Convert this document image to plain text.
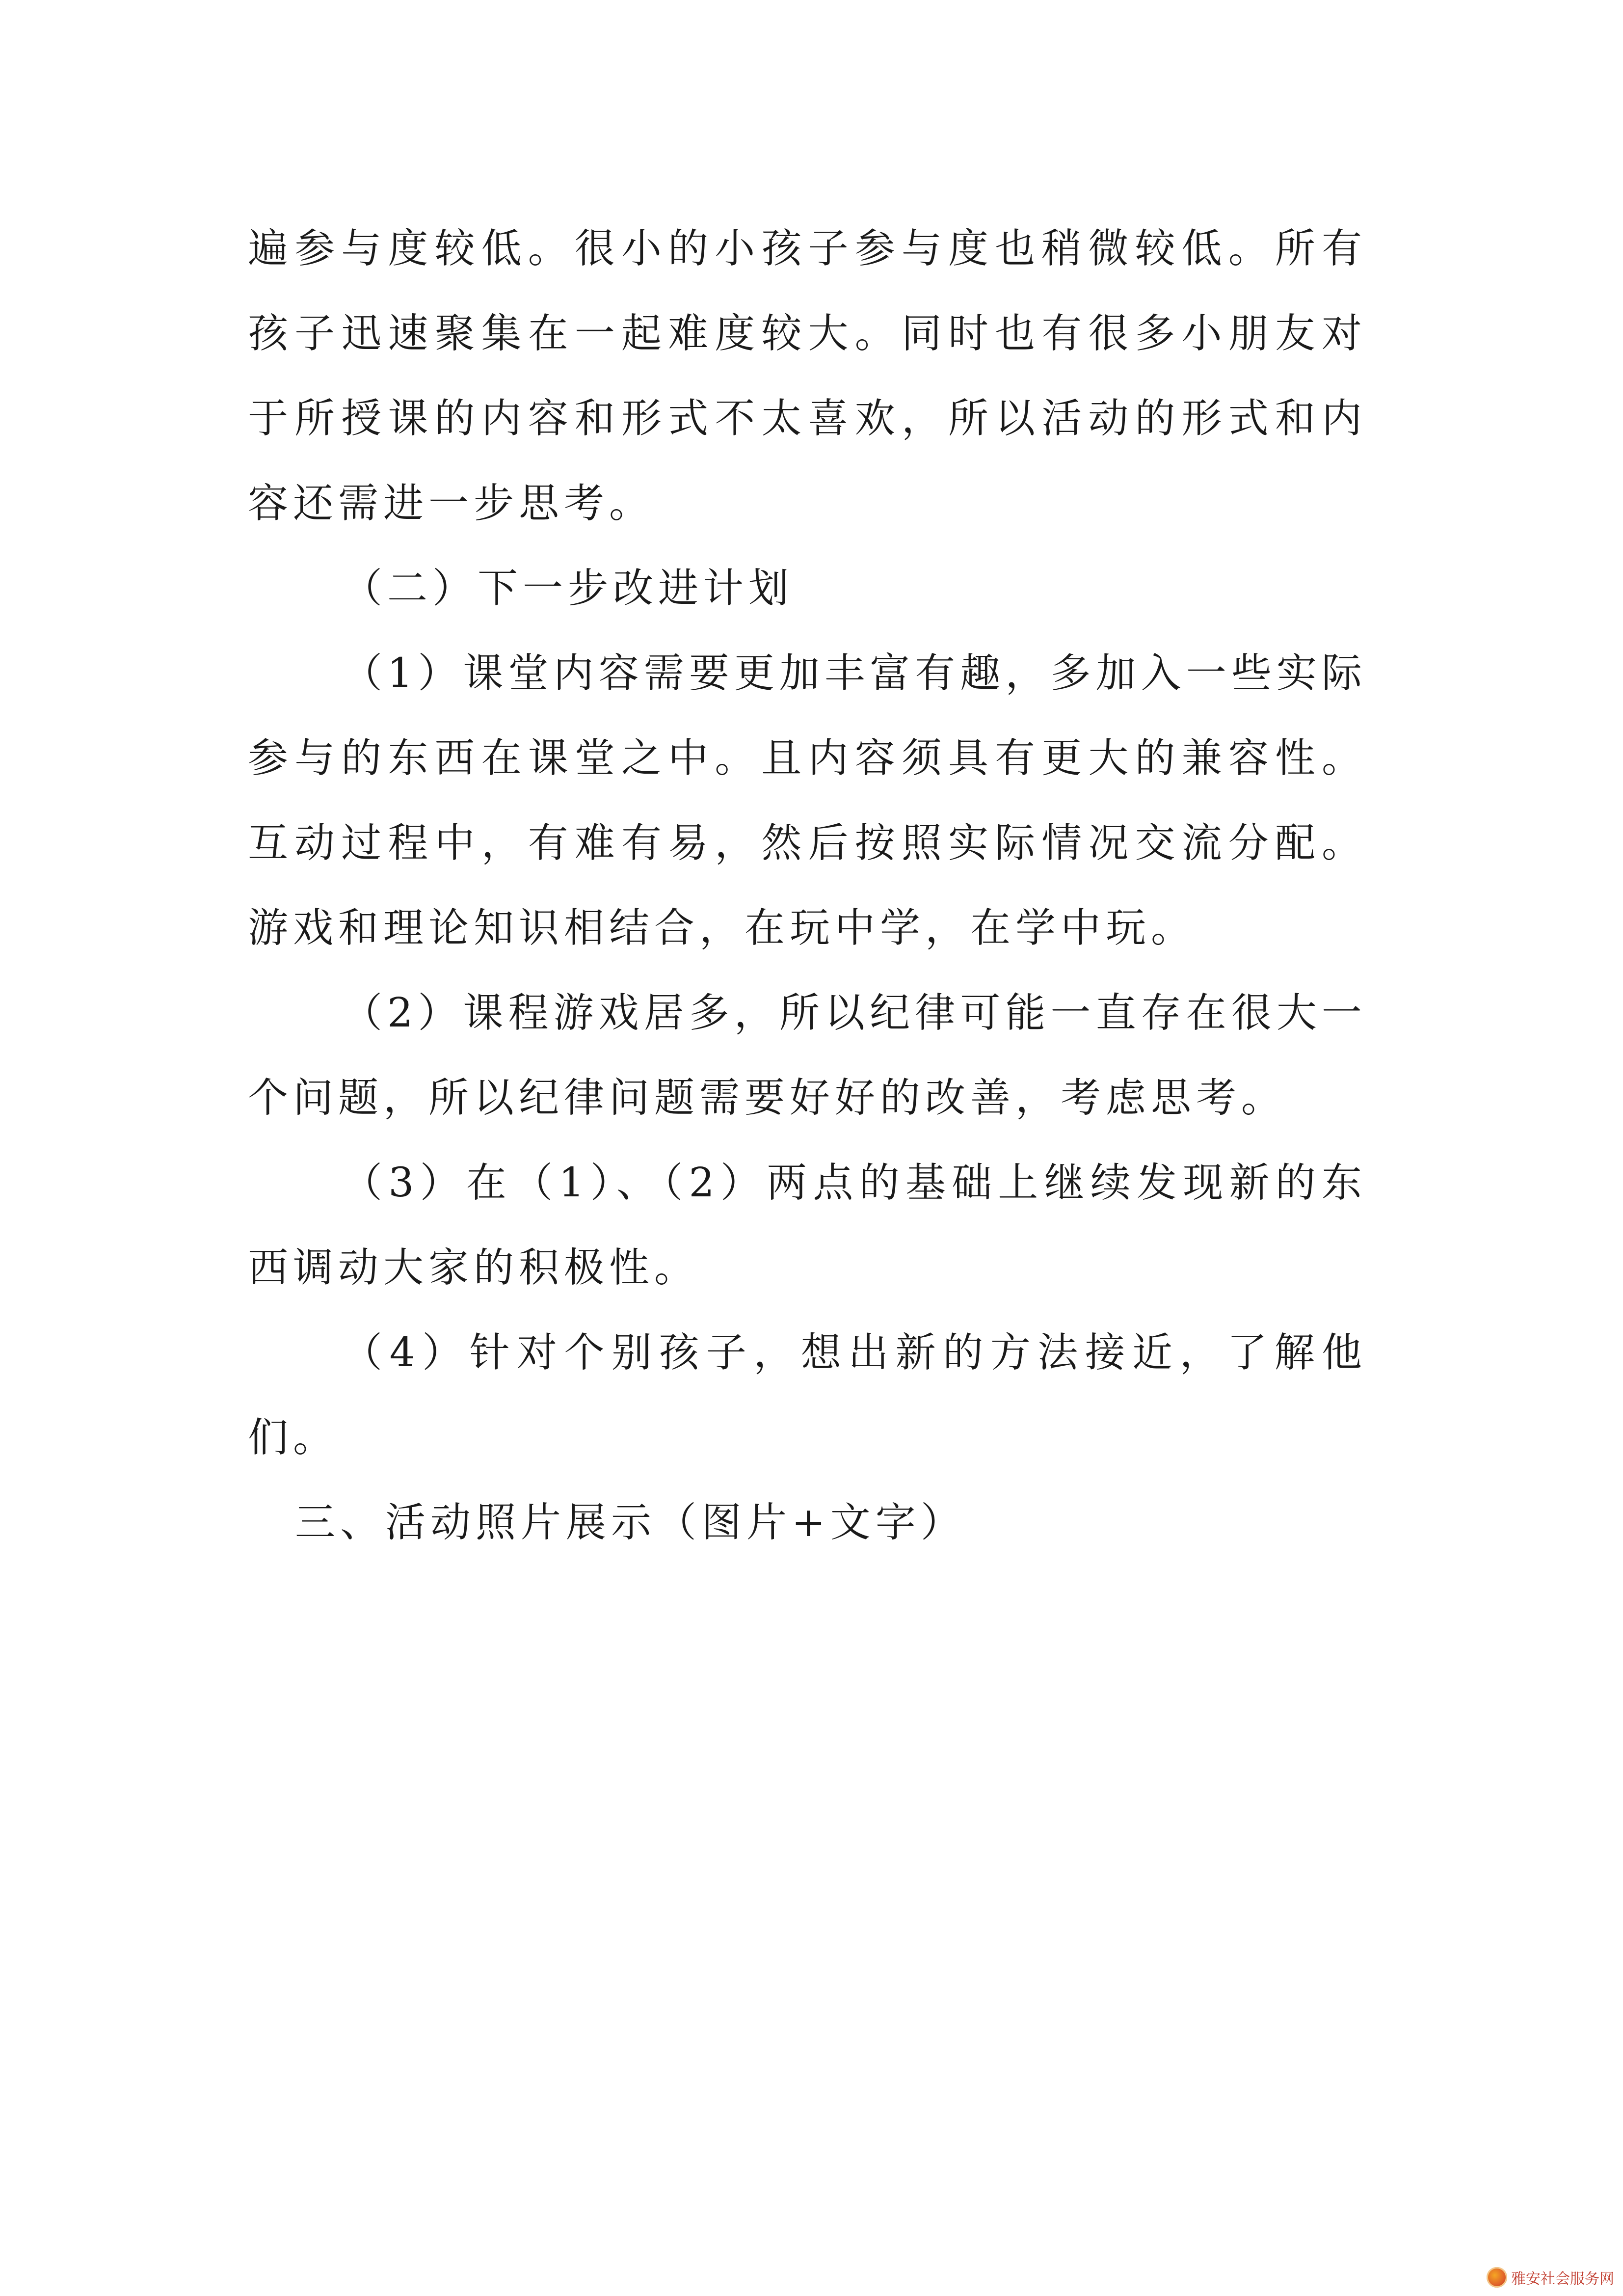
遍参与度较低。很小的小孩子参与度也稍微较低。所有孩子迅速聚集在一起难度较大。同时也有很多小朋友对于所授课的内容和形式不太喜欢，所以活动的形式和内容还需进一步思考。

（二）下一步改进计划

（1）课堂内容需要更加丰富有趣，多加入一些实际参与的东西在课堂之中。且内容须具有更大的兼容性。互动过程中，有难有易，然后按照实际情况交流分配。游戏和理论知识相结合，在玩中学，在学中玩。

（2）课程游戏居多，所以纪律可能一直存在很大一个问题，所以纪律问题需要好好的改善，考虑思考。

（3）在（1）、（2）两点的基础上继续发现新的东西调动大家的积极性。

（4）针对个别孩子，想出新的方法接近，了解他们。

三、活动照片展示（图片+文字）

雅安社会服务网
